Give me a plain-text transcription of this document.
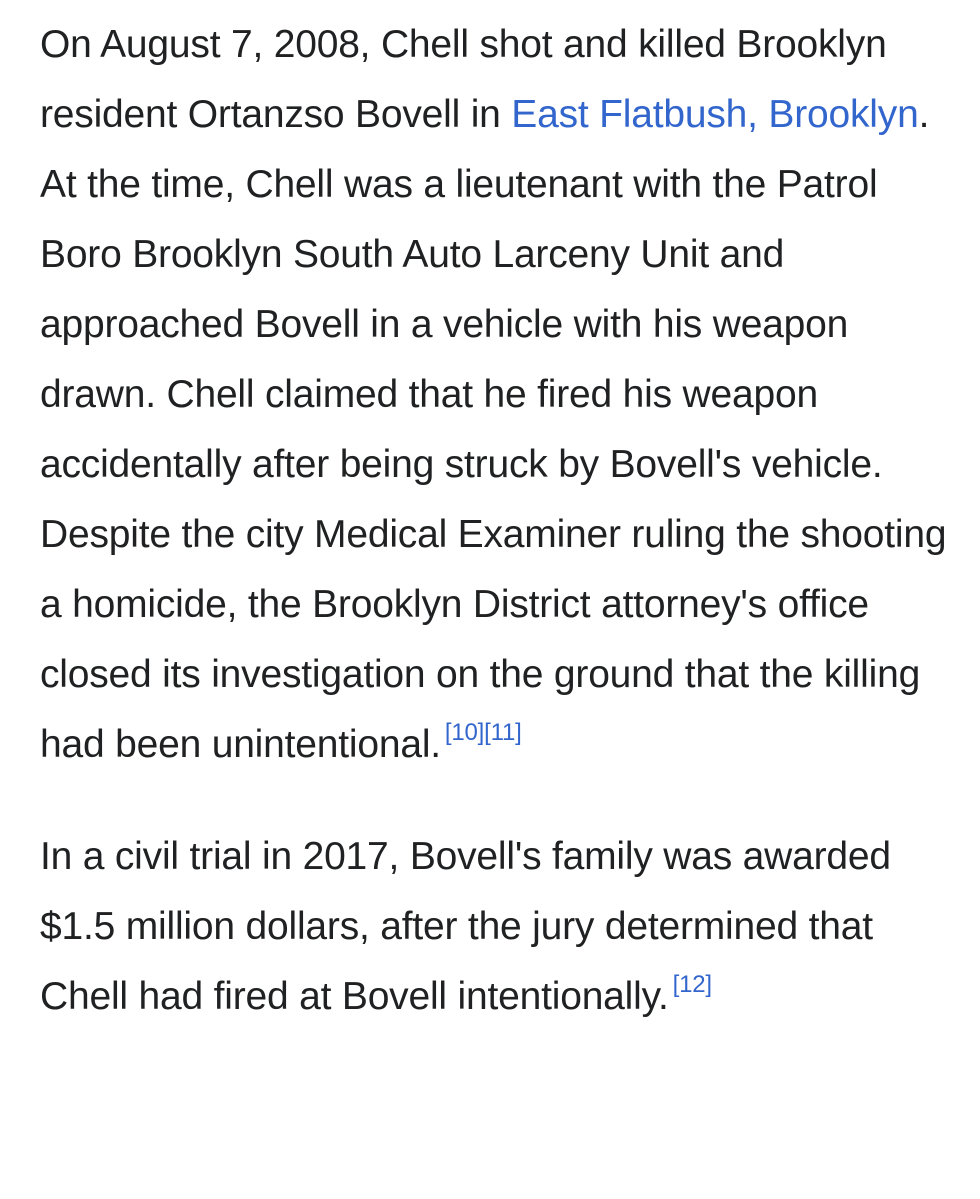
On August 7, 2008, Chell shot and killed Brooklyn resident Ortanzso Bovell in East Flatbush, Brooklyn. At the time, Chell was a lieutenant with the Patrol Boro Brooklyn South Auto Larceny Unit and approached Bovell in a vehicle with his weapon drawn. Chell claimed that he fired his weapon accidentally after being struck by Bovell's vehicle. Despite the city Medical Examiner ruling the shooting a homicide, the Brooklyn District attorney's office closed its investigation on the ground that the killing had been unintentional. [10][11]

In a civil trial in 2017, Bovell's family was awarded $1.5 million dollars, after the jury determined that Chell had fired at Bovell intentionally. [12]
